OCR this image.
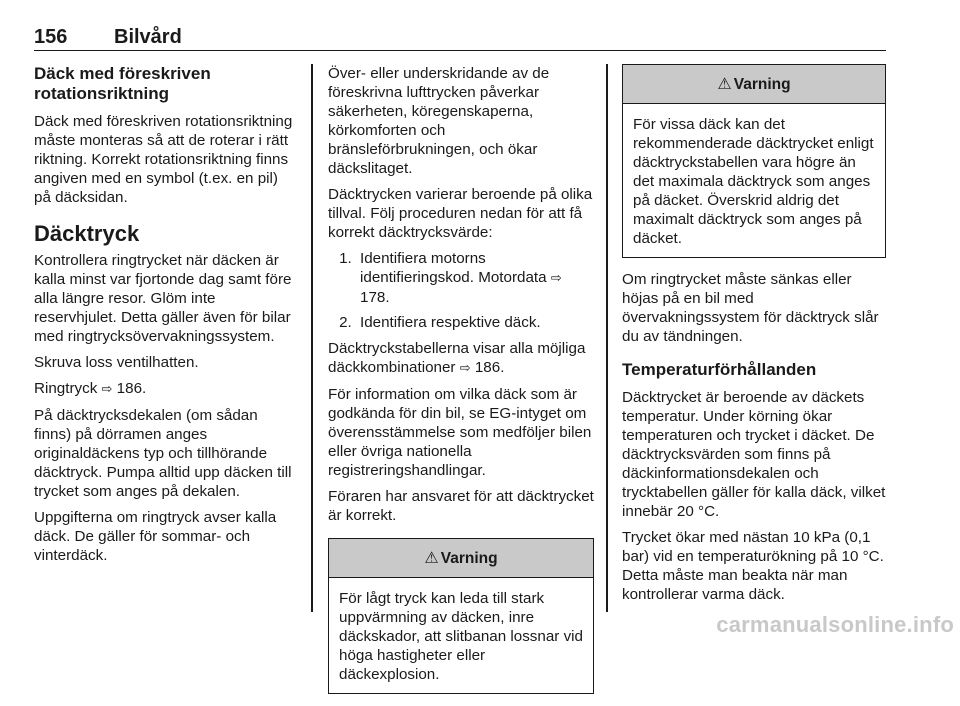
156 Bilvård
Däck med föreskriven rotationsriktning

Däck med föreskriven rotationsriktning måste monteras så att de roterar i rätt riktning. Korrekt rotationsriktning finns angiven med en symbol (t.ex. en pil) på däcksidan.

Däcktryck

Kontrollera ringtrycket när däcken är kalla minst var fjortonde dag samt före alla längre resor. Glöm inte reservhjulet. Detta gäller även för bilar med ringtrycksövervakningssystem.

Skruva loss ventilhatten.

Ringtryck ⇨ 186.

På däcktrycksdekalen (om sådan finns) på dörramen anges originaldäckens typ och tillhörande däcktryck. Pumpa alltid upp däcken till trycket som anges på dekalen.

Uppgifterna om ringtryck avser kalla däck. De gäller för sommar- och vinterdäck.

Över- eller underskridande av de föreskrivna lufttrycken påverkar säkerheten, köregenskaperna, körkomforten och bränsleförbrukningen, och ökar däckslitaget.

Däcktrycken varierar beroende på olika tillval. Följ proceduren nedan för att få korrekt däcktrycksvärde:

1. Identifiera motorns identifieringskod. Motordata ⇨ 178.
2. Identifiera respektive däck.

Däcktryckstabellerna visar alla möjliga däckkombinationer ⇨ 186.

För information om vilka däck som är godkända för din bil, se EG-intyget om överensstämmelse som medföljer bilen eller övriga nationella registreringshandlingar.

Föraren har ansvaret för att däcktrycket är korrekt.

⚠ Varning
För lågt tryck kan leda till stark uppvärmning av däcken, inre däckskador, att slitbanan lossnar vid höga hastigheter eller däckexplosion.
⚠ Varning
För vissa däck kan det rekommenderade däcktrycket enligt däcktryckstabellen vara högre än det maximala däcktryck som anges på däcket. Överskrid aldrig det maximalt däcktryck som anges på däcket.

Om ringtrycket måste sänkas eller höjas på en bil med övervakningssystem för däcktryck slår du av tändningen.

Temperaturförhållanden

Däcktrycket är beroende av däckets temperatur. Under körning ökar temperaturen och trycket i däcket. De däcktrycksvärden som finns på däckinformationsdekalen och trycktabellen gäller för kalla däck, vilket innebär 20 °C.

Trycket ökar med nästan 10 kPa (0,1 bar) vid en temperaturökning på 10 °C. Detta måste man beakta när man kontrollerar varma däck.

carmanualsonline.info
